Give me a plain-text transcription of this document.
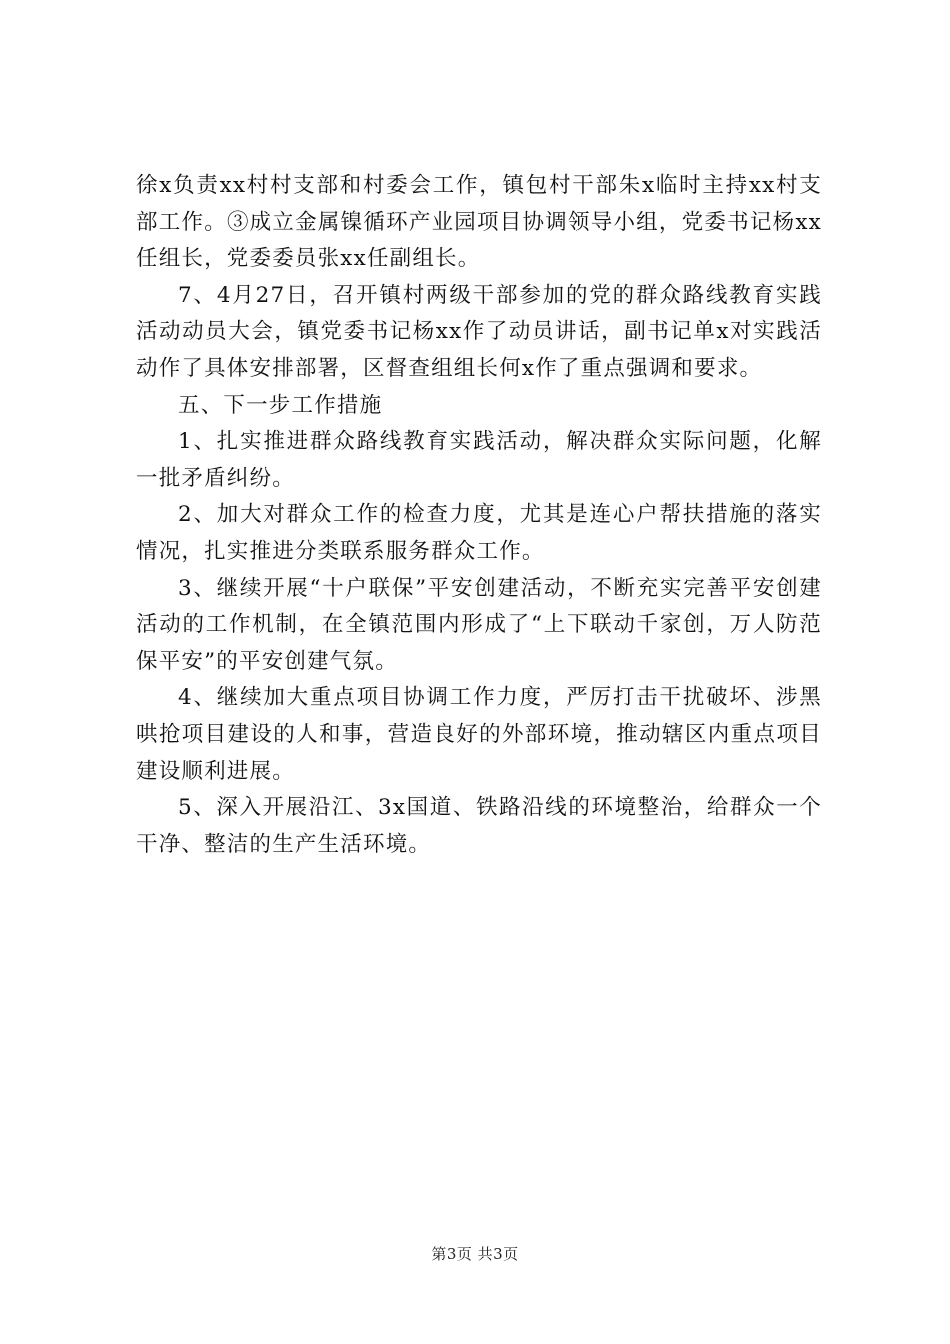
徐x负责xx村村支部和村委会工作，镇包村干部朱x临时主持xx村支部工作。③成立金属镍循环产业园项目协调领导小组，党委书记杨xx任组长，党委委员张xx任副组长。

7、4月27日，召开镇村两级干部参加的党的群众路线教育实践活动动员大会，镇党委书记杨xx作了动员讲话，副书记单x对实践活动作了具体安排部署，区督查组组长何x作了重点强调和要求。

五、下一步工作措施

1、扎实推进群众路线教育实践活动，解决群众实际问题，化解一批矛盾纠纷。

2、加大对群众工作的检查力度，尤其是连心户帮扶措施的落实情况，扎实推进分类联系服务群众工作。

3、继续开展“十户联保”平安创建活动，不断充实完善平安创建活动的工作机制，在全镇范围内形成了“上下联动千家创，万人防范保平安”的平安创建气氛。

4、继续加大重点项目协调工作力度，严厉打击干扰破坏、涉黑哄抢项目建设的人和事，营造良好的外部环境，推动辖区内重点项目建设顺利进展。

5、深入开展沿江、3x国道、铁路沿线的环境整治，给群众一个干净、整洁的生产生活环境。

第3页 共3页
